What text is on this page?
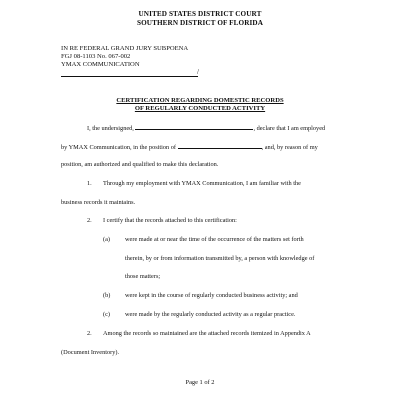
UNITED STATES DISTRICT COURT
SOUTHERN DISTRICT OF FLORIDA
IN RE FEDERAL GRAND JURY SUBPOENA
FGJ 08-1103 No. 067-002
YMAX COMMUNICATION
/
CERTIFICATION REGARDING DOMESTIC RECORDS
OF REGULARLY CONDUCTED ACTIVITY
I, the undersigned,	, declare that I am employed
by YMAX Communication, in the position of	, and, by reason of my
position, am authorized and qualified to make this declaration.
1. Through my employment with YMAX Communication, I am familiar with the
business records it maintains.
2. I certify that the records attached to this certification:
(a) were made at or near the time of the occurrence of the matters set forth
therein, by or from information transmitted by, a person with knowledge of
those matters;
(b) were kept in the course of regularly conducted business activity; and
(c) were made by the regularly conducted activity as a regular practice.
2. Among the records so maintained are the attached records itemized in Appendix A
(Document Inventory).
Page 1 of 2
